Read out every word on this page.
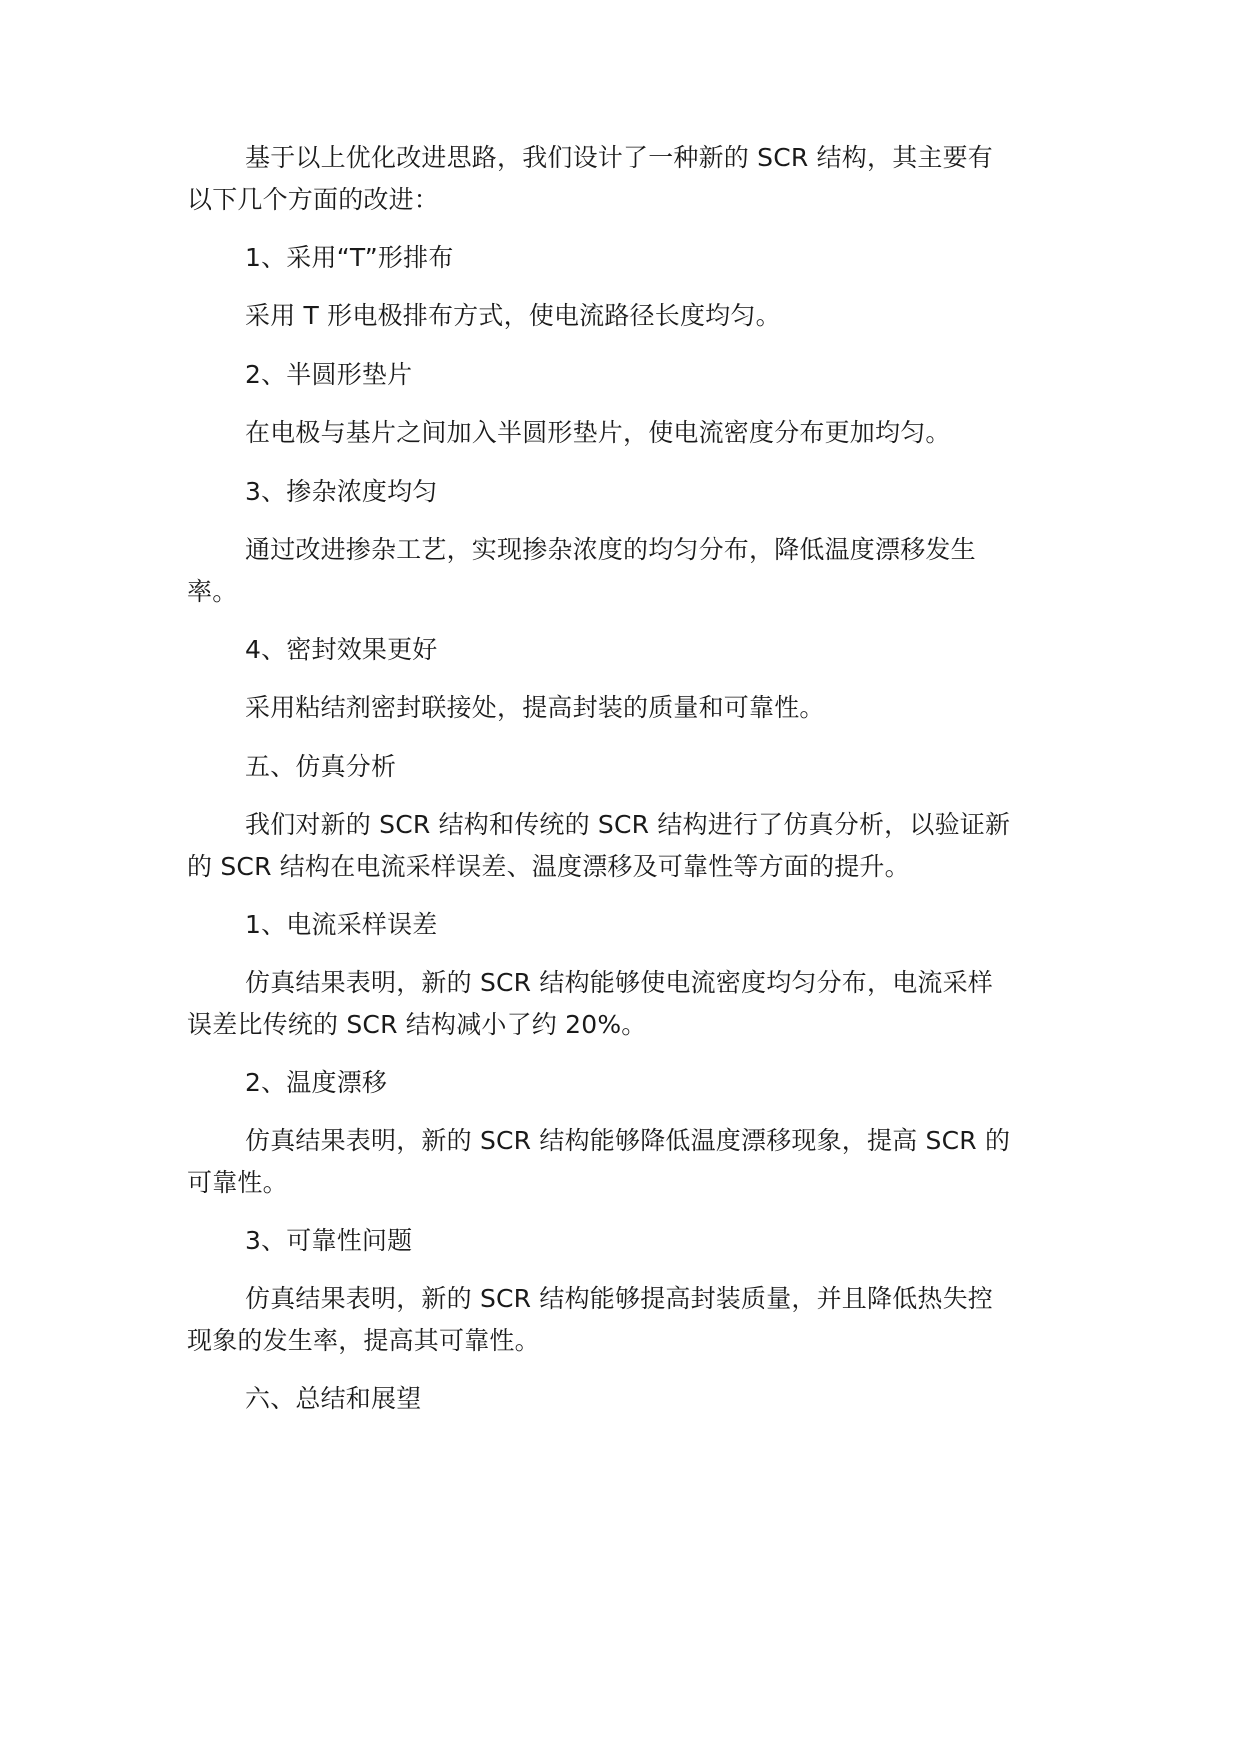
基于以上优化改进思路，我们设计了一种新的 SCR 结构，其主要有
以下几个方面的改进：
1、采用“T”形排布
采用 T 形电极排布方式，使电流路径长度均匀。
2、半圆形垫片
在电极与基片之间加入半圆形垫片，使电流密度分布更加均匀。
3、掺杂浓度均匀
通过改进掺杂工艺，实现掺杂浓度的均匀分布，降低温度漂移发生
率。
4、密封效果更好
采用粘结剂密封联接处，提高封装的质量和可靠性。
五、仿真分析
我们对新的 SCR 结构和传统的 SCR 结构进行了仿真分析，以验证新
的 SCR 结构在电流采样误差、温度漂移及可靠性等方面的提升。
1、电流采样误差
仿真结果表明，新的 SCR 结构能够使电流密度均匀分布，电流采样
误差比传统的 SCR 结构减小了约 20%。
2、温度漂移
仿真结果表明，新的 SCR 结构能够降低温度漂移现象，提高 SCR 的
可靠性。
3、可靠性问题
仿真结果表明，新的 SCR 结构能够提高封装质量，并且降低热失控
现象的发生率，提高其可靠性。
六、总结和展望
